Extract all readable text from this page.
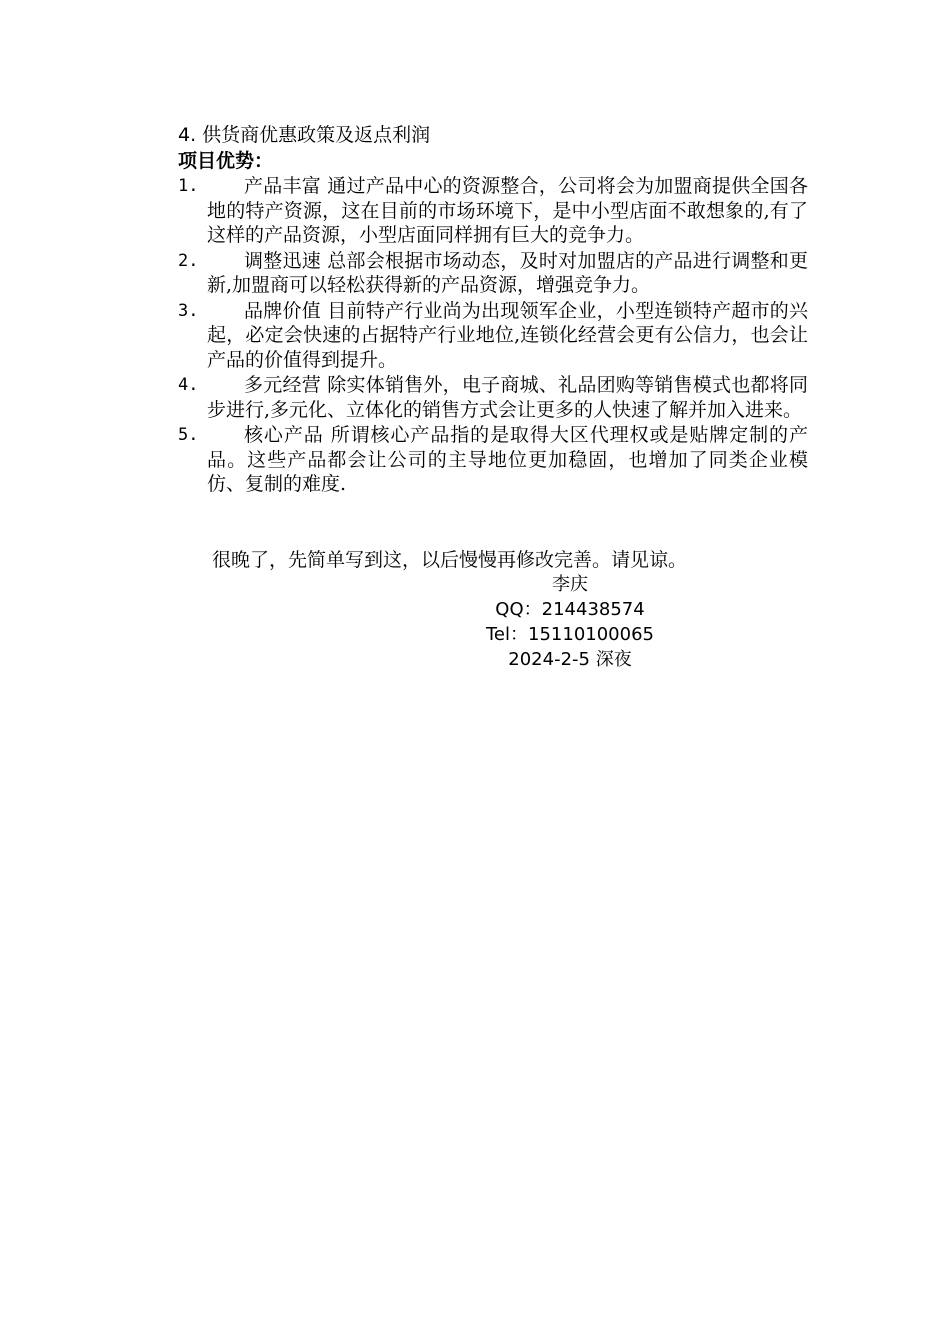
4. 供货商优惠政策及返点利润
项目优势：
1. 产品丰富 通过产品中心的资源整合，公司将会为加盟商提供全国各地的特产资源，这在目前的市场环境下，是中小型店面不敢想象的,有了这样的产品资源，小型店面同样拥有巨大的竞争力。
2. 调整迅速 总部会根据市场动态，及时对加盟店的产品进行调整和更新,加盟商可以轻松获得新的产品资源，增强竞争力。
3. 品牌价值 目前特产行业尚为出现领军企业，小型连锁特产超市的兴起，必定会快速的占据特产行业地位,连锁化经营会更有公信力，也会让产品的价值得到提升。
4. 多元经营 除实体销售外，电子商城、礼品团购等销售模式也都将同步进行,多元化、立体化的销售方式会让更多的人快速了解并加入进来。
5. 核心产品 所谓核心产品指的是取得大区代理权或是贴牌定制的产品。这些产品都会让公司的主导地位更加稳固，也增加了同类企业模仿、复制的难度.
很晚了，先简单写到这，以后慢慢再修改完善。请见谅。
李庆
QQ：214438574
Tel：15110100065
2024-2-5 深夜
